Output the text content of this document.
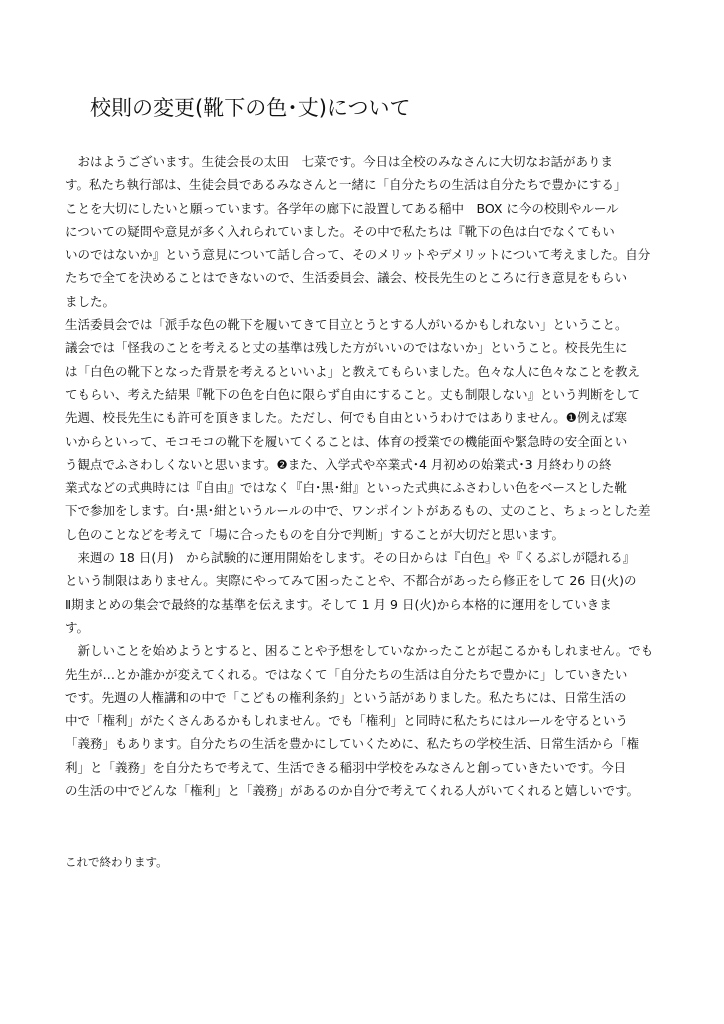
校則の変更(靴下の色･丈)について
　おはようございます。生徒会長の太田　七菜です。今日は全校のみなさんに大切なお話がありま
す。私たち執行部は、生徒会員であるみなさんと一緒に「自分たちの生活は自分たちで豊かにする」
ことを大切にしたいと願っています。各学年の廊下に設置してある稲中　BOX に今の校則やルール
についての疑問や意見が多く入れられていました。その中で私たちは『靴下の色は白でなくてもい
いのではないか』という意見について話し合って、そのメリットやデメリットについて考えました。自分
たちで全てを決めることはできないので、生活委員会、議会、校長先生のところに行き意見をもらい
ました。
生活委員会では「派手な色の靴下を履いてきて目立とうとする人がいるかもしれない」ということ。
議会では「怪我のことを考えると丈の基準は残した方がいいのではないか」ということ。校長先生に
は「白色の靴下となった背景を考えるといいよ」と教えてもらいました。色々な人に色々なことを教え
てもらい、考えた結果『靴下の色を白色に限らず自由にすること。丈も制限しない』という判断をして
先週、校長先生にも許可を頂きました。ただし、何でも自由というわけではありません。❶例えば寒
いからといって、モコモコの靴下を履いてくることは、体育の授業での機能面や緊急時の安全面とい
う観点でふさわしくないと思います。❷また、入学式や卒業式･4 月初めの始業式･3 月終わりの終
業式などの式典時には『自由』ではなく『白･黒･紺』といった式典にふさわしい色をベースとした靴
下で参加をします。白･黒･紺というルールの中で、ワンポイントがあるもの、丈のこと、ちょっとした差
し色のことなどを考えて「場に合ったものを自分で判断」することが大切だと思います。
　来週の 18 日(月)　から試験的に運用開始をします。その日からは『白色』や『くるぶしが隠れる』
という制限はありません。実際にやってみて困ったことや、不都合があったら修正をして 26 日(火)の
Ⅱ期まとめの集会で最終的な基準を伝えます。そして 1 月 9 日(火)から本格的に運用をしていきま
す。
　新しいことを始めようとすると、困ることや予想をしていなかったことが起こるかもしれません。でも
先生が…とか誰かが変えてくれる。ではなくて「自分たちの生活は自分たちで豊かに」していきたい
です。先週の人権講和の中で「こどもの権利条約」という話がありました。私たちには、日常生活の
中で「権利」がたくさんあるかもしれません。でも「権利」と同時に私たちにはルールを守るという
「義務」もあります。自分たちの生活を豊かにしていくために、私たちの学校生活、日常生活から「権
利」と「義務」を自分たちで考えて、生活できる稲羽中学校をみなさんと創っていきたいです。今日
の生活の中でどんな「権利」と「義務」があるのか自分で考えてくれる人がいてくれると嬉しいです。
これで終わります。
